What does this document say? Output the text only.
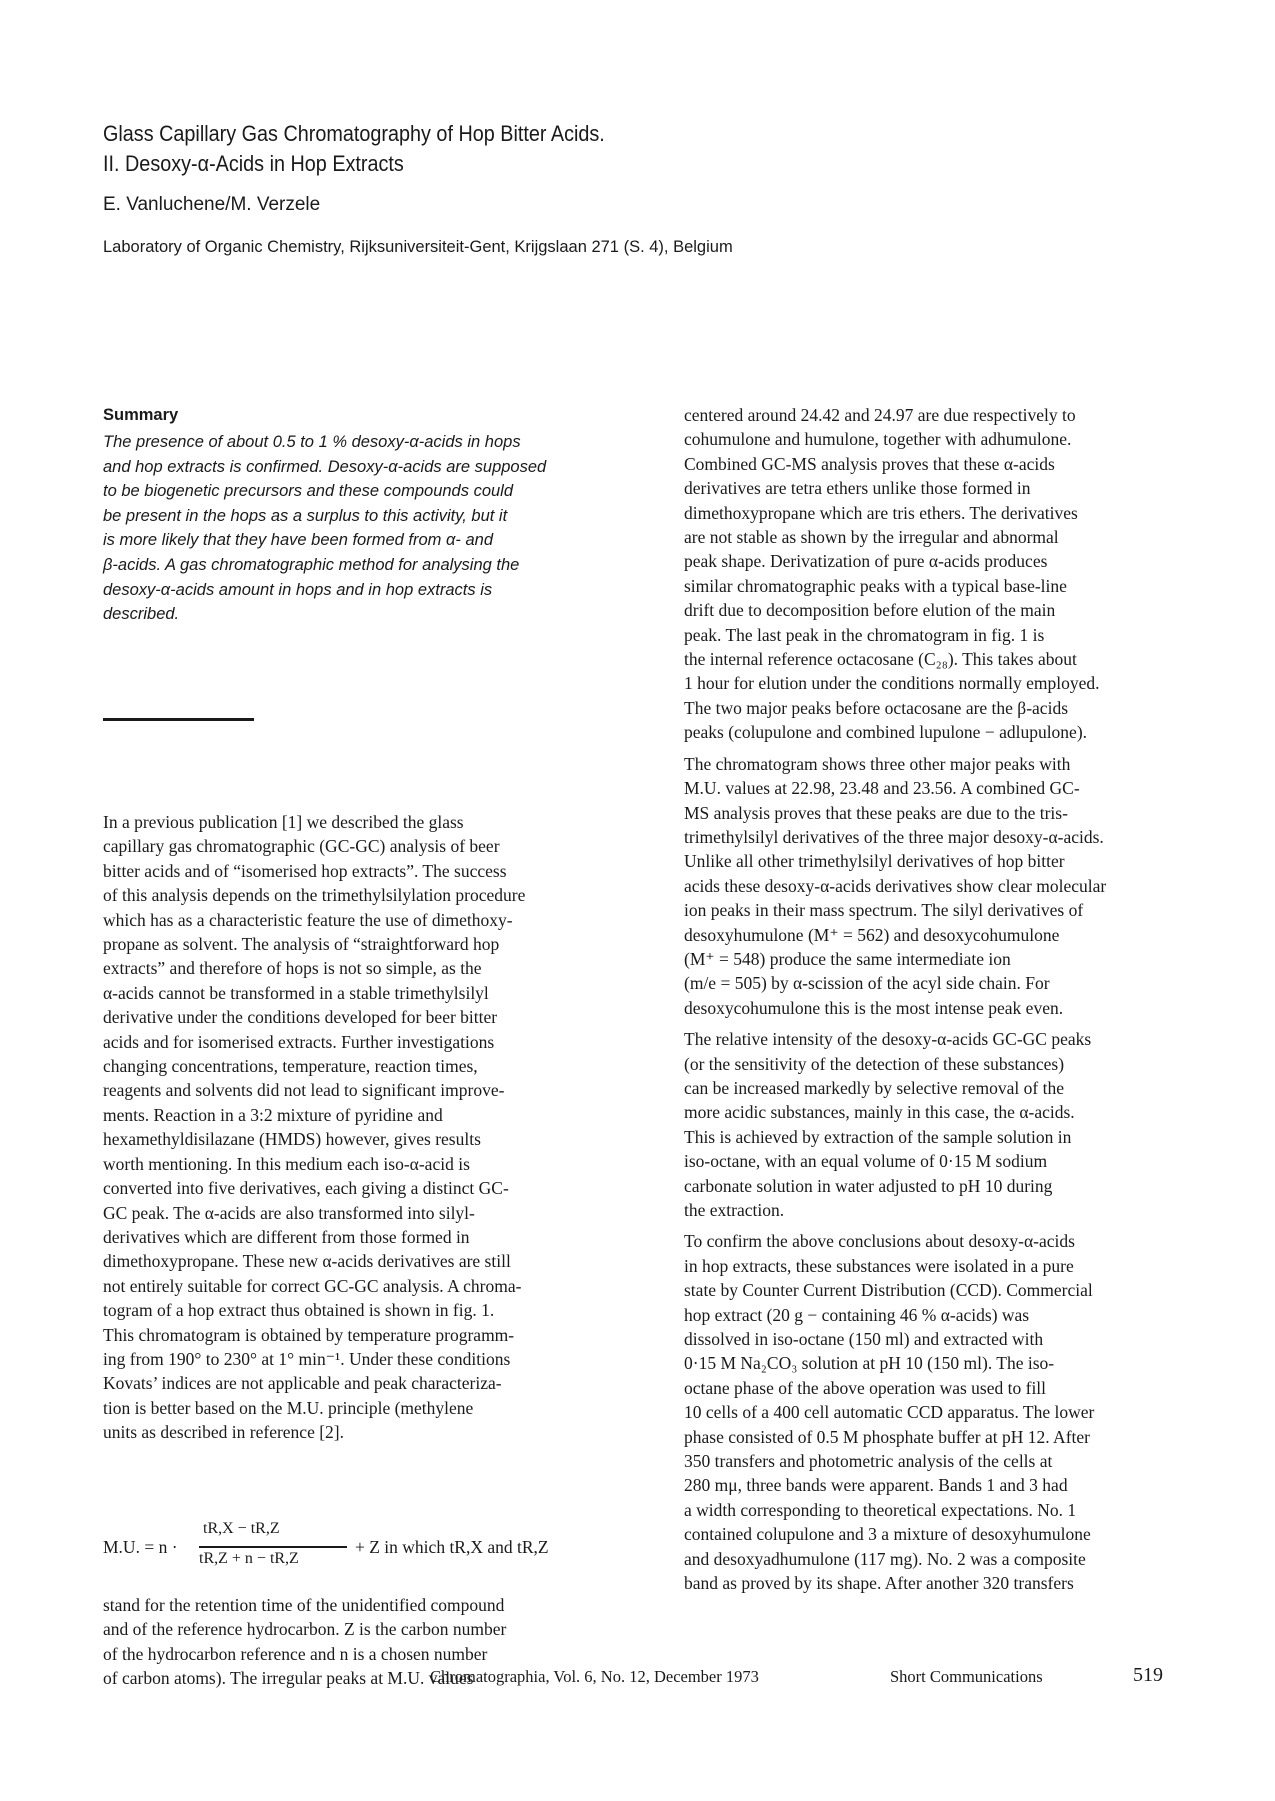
Glass Capillary Gas Chromatography of Hop Bitter Acids.
II. Desoxy-α-Acids in Hop Extracts
E. Vanluchene/M. Verzele
Laboratory of Organic Chemistry, Rijksuniversiteit-Gent, Krijgslaan 271 (S. 4), Belgium
Summary
The presence of about 0.5 to 1 % desoxy-α-acids in hops
and hop extracts is confirmed. Desoxy-α-acids are supposed
to be biogenetic precursors and these compounds could
be present in the hops as a surplus to this activity, but it
is more likely that they have been formed from α- and
β-acids. A gas chromatographic method for analysing the
desoxy-α-acids amount in hops and in hop extracts is
described.
In a previous publication [1] we described the glass
capillary gas chromatographic (GC-GC) analysis of beer
bitter acids and of “isomerised hop extracts”. The success
of this analysis depends on the trimethylsilylation procedure
which has as a characteristic feature the use of dimethoxy-
propane as solvent. The analysis of “straightforward hop
extracts” and therefore of hops is not so simple, as the
α-acids cannot be transformed in a stable trimethylsilyl
derivative under the conditions developed for beer bitter
acids and for isomerised extracts. Further investigations
changing concentrations, temperature, reaction times,
reagents and solvents did not lead to significant improve-
ments. Reaction in a 3:2 mixture of pyridine and
hexamethyldisilazane (HMDS) however, gives results
worth mentioning. In this medium each iso-α-acid is
converted into five derivatives, each giving a distinct GC-
GC peak. The α-acids are also transformed into silyl-
derivatives which are different from those formed in
dimethoxypropane. These new α-acids derivatives are still
not entirely suitable for correct GC-GC analysis. A chroma-
togram of a hop extract thus obtained is shown in fig. 1.
This chromatogram is obtained by temperature programm-
ing from 190° to 230° at 1° min⁻¹. Under these conditions
Kovats’ indices are not applicable and peak characteriza-
tion is better based on the M.U. principle (methylene
units as described in reference [2].
M.U. = n ·
tR,X − tR,Z
tR,Z + n − tR,Z
+ Z in which tR,X and tR,Z
stand for the retention time of the unidentified compound
and of the reference hydrocarbon. Z is the carbon number
of the hydrocarbon reference and n is a chosen number
of carbon atoms). The irregular peaks at M.U. values
centered around 24.42 and 24.97 are due respectively to
cohumulone and humulone, together with adhumulone.
Combined GC-MS analysis proves that these α-acids
derivatives are tetra ethers unlike those formed in
dimethoxypropane which are tris ethers. The derivatives
are not stable as shown by the irregular and abnormal
peak shape. Derivatization of pure α-acids produces
similar chromatographic peaks with a typical base-line
drift due to decomposition before elution of the main
peak. The last peak in the chromatogram in fig. 1 is
the internal reference octacosane (C₂₈). This takes about
1 hour for elution under the conditions normally employed.
The two major peaks before octacosane are the β-acids
peaks (colupulone and combined lupulone − adlupulone).
The chromatogram shows three other major peaks with
M.U. values at 22.98, 23.48 and 23.56. A combined GC-
MS analysis proves that these peaks are due to the tris-
trimethylsilyl derivatives of the three major desoxy-α-acids.
Unlike all other trimethylsilyl derivatives of hop bitter
acids these desoxy-α-acids derivatives show clear molecular
ion peaks in their mass spectrum. The silyl derivatives of
desoxyhumulone (M⁺ = 562) and desoxycohumulone
(M⁺ = 548) produce the same intermediate ion
(m/e = 505) by α-scission of the acyl side chain. For
desoxycohumulone this is the most intense peak even.
The relative intensity of the desoxy-α-acids GC-GC peaks
(or the sensitivity of the detection of these substances)
can be increased markedly by selective removal of the
more acidic substances, mainly in this case, the α-acids.
This is achieved by extraction of the sample solution in
iso-octane, with an equal volume of 0·15 M sodium
carbonate solution in water adjusted to pH 10 during
the extraction.
To confirm the above conclusions about desoxy-α-acids
in hop extracts, these substances were isolated in a pure
state by Counter Current Distribution (CCD). Commercial
hop extract (20 g − containing 46 % α-acids) was
dissolved in iso-octane (150 ml) and extracted with
0·15 M Na₂CO₃ solution at pH 10 (150 ml). The iso-
octane phase of the above operation was used to fill
10 cells of a 400 cell automatic CCD apparatus. The lower
phase consisted of 0.5 M phosphate buffer at pH 12. After
350 transfers and photometric analysis of the cells at
280 mμ, three bands were apparent. Bands 1 and 3 had
a width corresponding to theoretical expectations. No. 1
contained colupulone and 3 a mixture of desoxyhumulone
and desoxyadhumulone (117 mg). No. 2 was a composite
band as proved by its shape. After another 320 transfers
Chromatographia, Vol. 6, No. 12, December 1973	Short Communications	519
